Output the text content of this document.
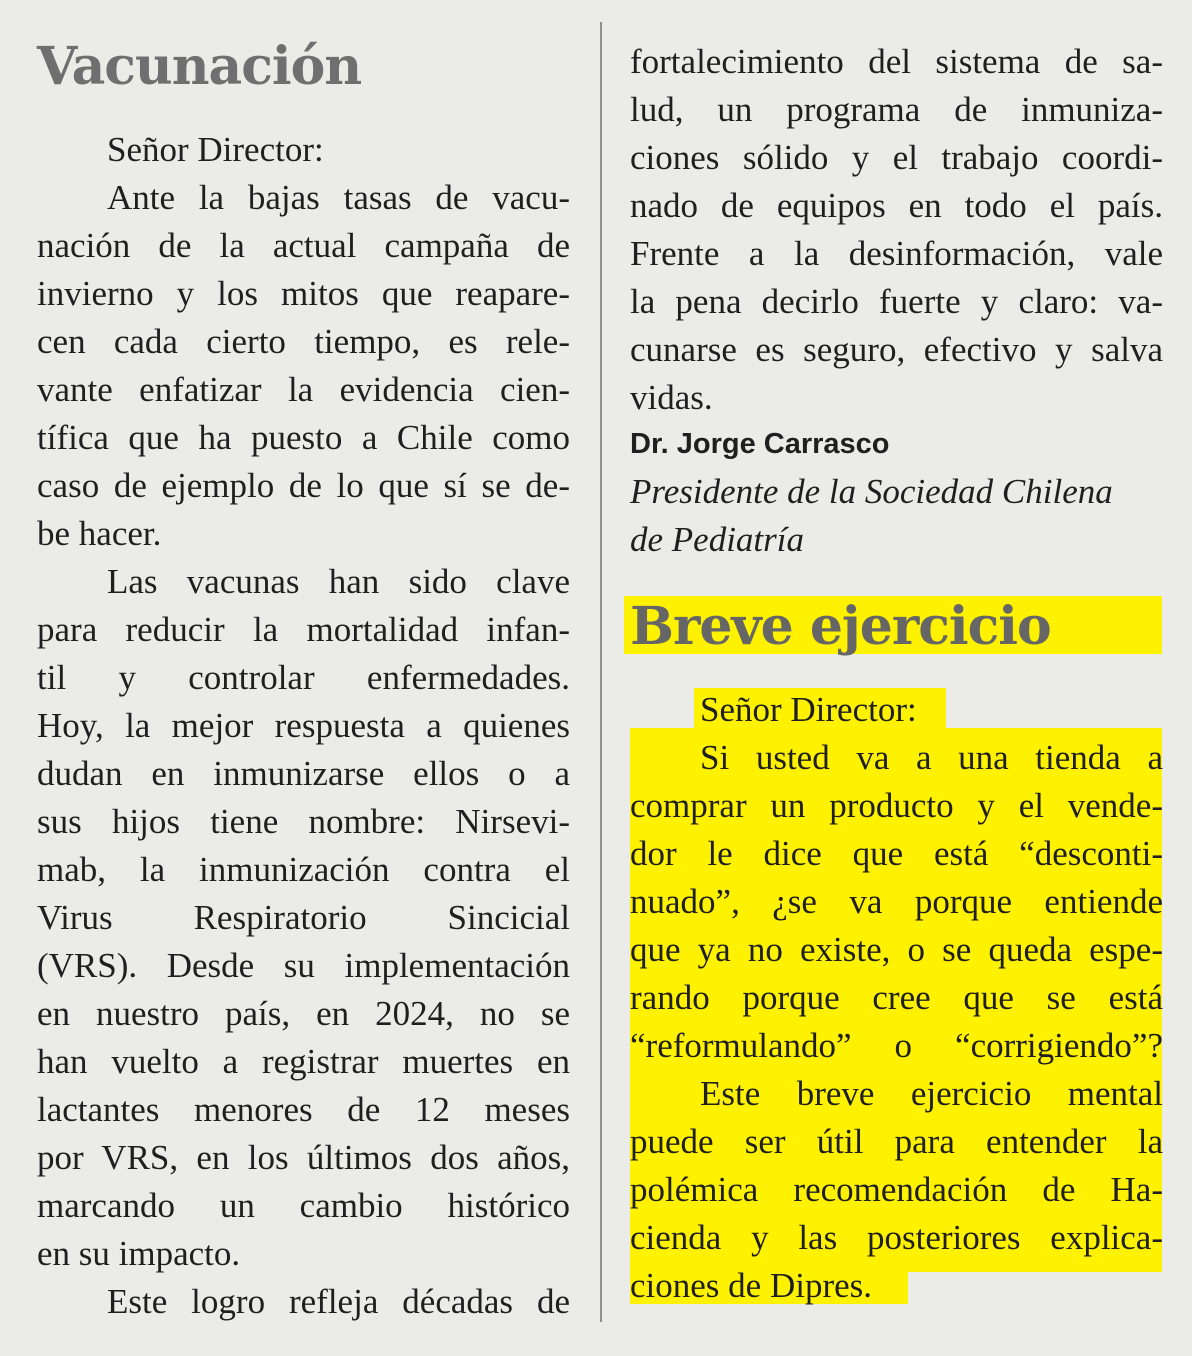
Vacunación
Señor Director:
Ante la bajas tasas de vacu-
nación de la actual campaña de
invierno y los mitos que reapare-
cen cada cierto tiempo, es rele-
vante enfatizar la evidencia cien-
tífica que ha puesto a Chile como
caso de ejemplo de lo que sí se de-
be hacer.
Las vacunas han sido clave
para reducir la mortalidad infan-
til y controlar enfermedades.
Hoy, la mejor respuesta a quienes
dudan en inmunizarse ellos o a
sus hijos tiene nombre: Nirsevi-
mab, la inmunización contra el
Virus Respiratorio Sincicial
(VRS). Desde su implementación
en nuestro país, en 2024, no se
han vuelto a registrar muertes en
lactantes menores de 12 meses
por VRS, en los últimos dos años,
marcando un cambio histórico
en su impacto.
Este logro refleja décadas de
fortalecimiento del sistema de sa-
lud, un programa de inmuniza-
ciones sólido y el trabajo coordi-
nado de equipos en todo el país.
Frente a la desinformación, vale
la pena decirlo fuerte y claro: va-
cunarse es seguro, efectivo y salva
vidas.
Dr. Jorge Carrasco
Presidente de la Sociedad Chilena
de Pediatría
Breve ejercicio
Señor Director:
Si usted va a una tienda a
comprar un producto y el vende-
dor le dice que está “desconti-
nuado”, ¿se va porque entiende
que ya no existe, o se queda espe-
rando porque cree que se está
“reformulando” o “corrigiendo”?
Este breve ejercicio mental
puede ser útil para entender la
polémica recomendación de Ha-
cienda y las posteriores explica-
ciones de Dipres.
